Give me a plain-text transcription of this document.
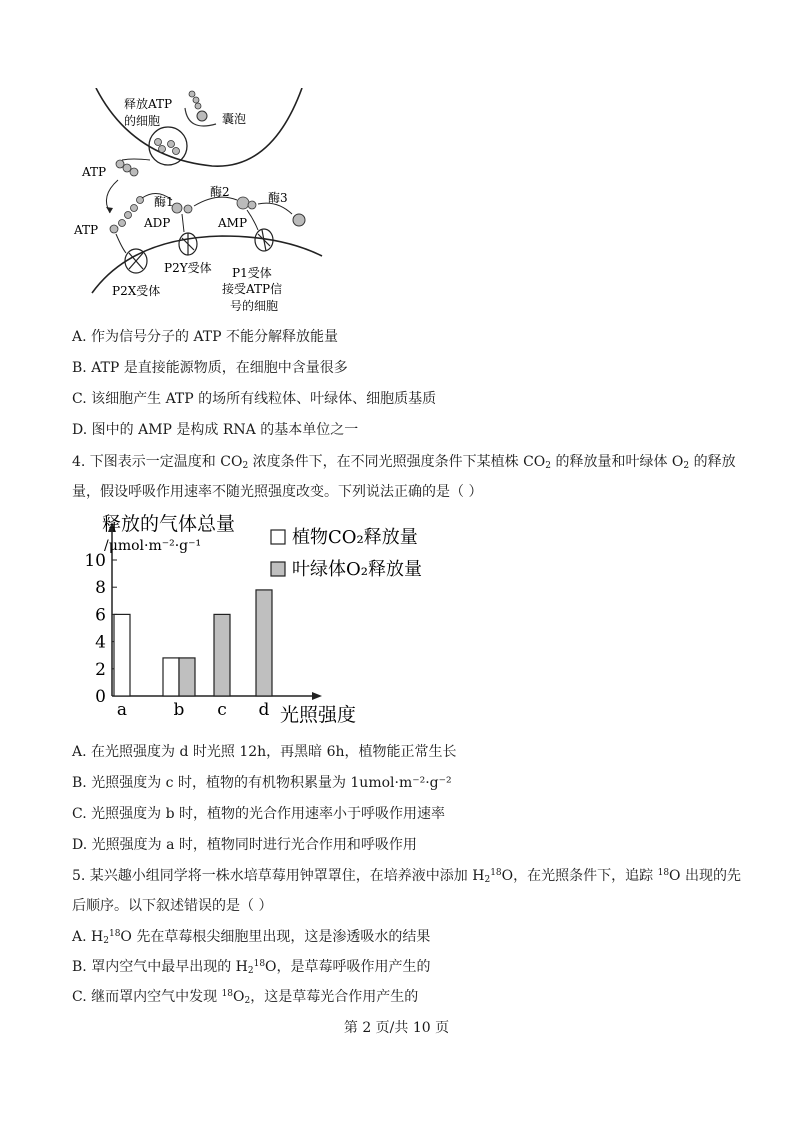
释放ATP
的细胞	囊泡
ATP
ATP
酶1
酶2	酶3
ADP	AMP
P2Y受体
P2X受体
P1受体
接受ATP信
号的细胞
A. 作为信号分子的 ATP 不能分解释放能量
B. ATP 是直接能源物质，在细胞中含量很多
C. 该细胞产生 ATP 的场所有线粒体、叶绿体、细胞质基质
D. 图中的 AMP 是构成 RNA 的基本单位之一
4. 下图表示一定温度和 $CO_2$ 浓度条件下，在不同光照强度条件下某植株 $CO_2$ 的释放量和叶绿体 $O_2$ 的释放
量，假设呼吸作用速率不随光照强度改变。下列说法正确的是（ ）
0
2
4
6
8
10
释放的气体总量
/μmol·m⁻²·g⁻¹
光照强度
a	b c d
植物CO₂释放量
叶绿体O₂释放量
A. 在光照强度为 d 时光照 12h，再黑暗 6h，植物能正常生长
B. 光照强度为 c 时，植物的有机物积累量为 1umol·m⁻²·g⁻²
C. 光照强度为 b 时，植物的光合作用速率小于呼吸作用速率
D. 光照强度为 a 时，植物同时进行光合作用和呼吸作用
5. 某兴趣小组同学将一株水培草莓用钟罩罩住，在培养液中添加 $H_2^{18}O$，在光照条件下，追踪 $^{18}$O 出现的先
后顺序。以下叙述错误的是（ ）
A. $H_2^{18}O$ 先在草莓根尖细胞里出现，这是渗透吸水的结果
B. 罩内空气中最早出现的 $H_2^{18}O$，是草莓呼吸作用产生的
C. 继而罩内空气中发现 $^{18}O_2$，这是草莓光合作用产生的
第 2 页/共 10 页
